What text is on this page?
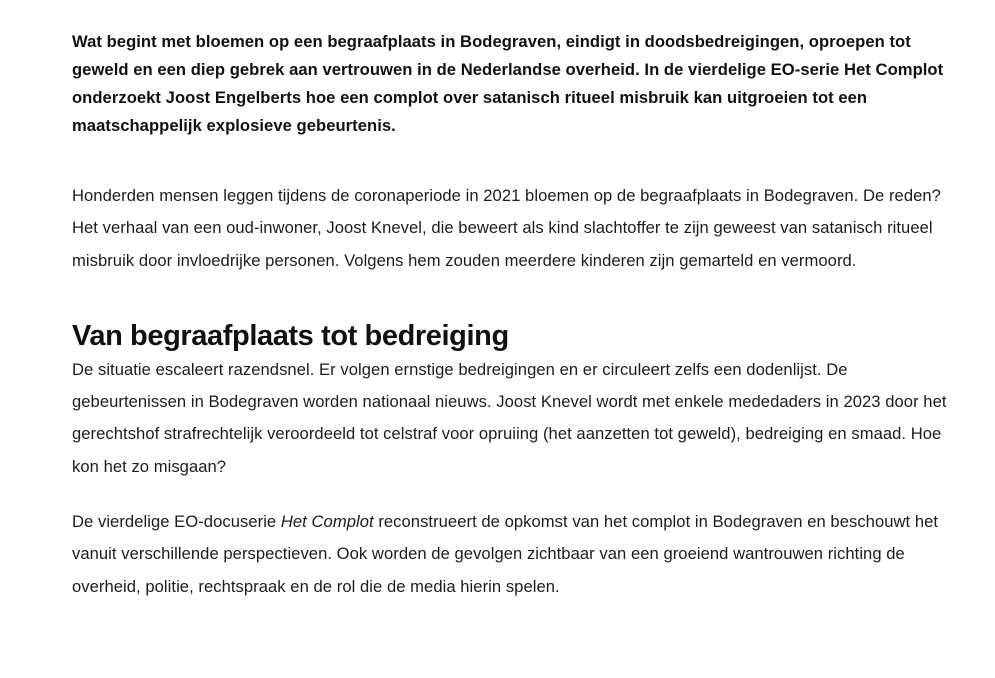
Wat begint met bloemen op een begraafplaats in Bodegraven, eindigt in doodsbedreigingen, oproepen tot geweld en een diep gebrek aan vertrouwen in de Nederlandse overheid. In de vierdelige EO-serie Het Complot onderzoekt Joost Engelberts hoe een complot over satanisch ritueel misbruik kan uitgroeien tot een maatschappelijk explosieve gebeurtenis.

Honderden mensen leggen tijdens de coronaperiode in 2021 bloemen op de begraafplaats in Bodegraven. De reden? Het verhaal van een oud-inwoner, Joost Knevel, die beweert als kind slachtoffer te zijn geweest van satanisch ritueel misbruik door invloedrijke personen. Volgens hem zouden meerdere kinderen zijn gemarteld en vermoord.

Van begraafplaats tot bedreiging

De situatie escaleert razendsnel. Er volgen ernstige bedreigingen en er circuleert zelfs een dodenlijst. De gebeurtenissen in Bodegraven worden nationaal nieuws. Joost Knevel wordt met enkele mededaders in 2023 door het gerechtshof strafrechtelijk veroordeeld tot celstraf voor opruiing (het aanzetten tot geweld), bedreiging en smaad. Hoe kon het zo misgaan?

De vierdelige EO-docuserie Het Complot reconstrueert de opkomst van het complot in Bodegraven en beschouwt het vanuit verschillende perspectieven. Ook worden de gevolgen zichtbaar van een groeiend wantrouwen richting de overheid, politie, rechtspraak en de rol die de media hierin spelen.
